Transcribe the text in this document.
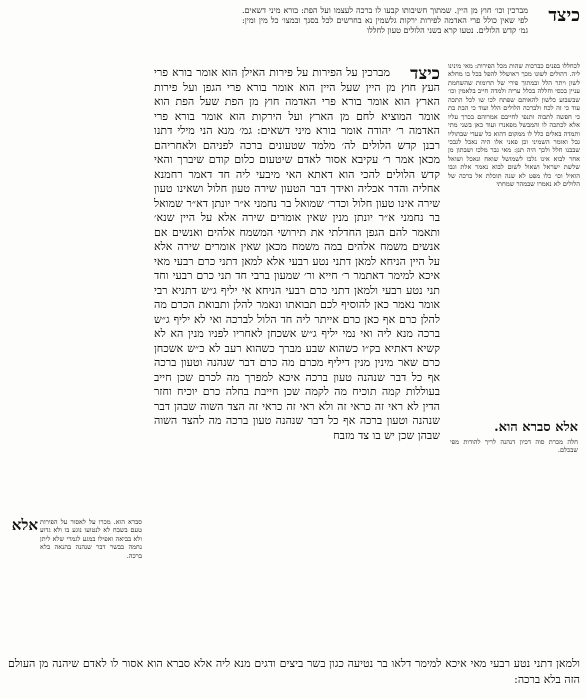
כיצד
מברכין וכו׳ חוץ מן היין. שמתוך חשיבותו קבעו לו ברכה לעצמו ועל הפת: בורא מיני דשאים. לפי שאין כולל פרי האדמה לפירות ירקות גלשמין נא בחרשים לכל בסנך ובמצו׳ כל מין ומין: גמ׳ קדש הלולים. נטעו קרא בשני הלולים טעון לחללו
לכחללו בפנים כברכות שהות מכל הפירות: מאי מינינו ליה. דהולים לשונו מכך ראושלל להפל בכל בו מחלא לשון ויתר הלל ובמתוך פירי של תרומות שהשחמת עניין בכסי וחללה בכלל עריה ולמדה חייב בלאמין וכו׳ שבשבוע כלשון להאותם שפתח לכו שו לכל התכה עוד כי זה לכח ולברכה הלולים הלל ועוד כי הבת בת כי חפשה לתבוה ותנפי לחייבם אמרוהם בכרך עליו אלא לכתכה לו והמבשל מפאנרו ועוד כאן בשני מתי ותמדה באלים כלל לו ממקום דהוא כל שעדי שבתוליו גבל ואומר השמיני וכן פאני אלו היה נאכל לגבכי שבבנו חלל ולכך היה תנן: מאי גבר מלכו ושבתון מן אחר לבוא אינו גלבו לשמושל שואח ונאכל ושואל שלשת ישראל ושאול לשום לבוא נאמר אלת וגבו הואיל וכו׳ כלו מפט לא שנה תוכלת אל ברכה של הלולים לא נאמרו שבמהר שמחתי
אלא סברא הוא.
חלה מכרת סוה דכיון דנהנה לריך להודות מפי שבכלם.
כיצד
מברכין על הפירות על פירות האילן הוא אומר בורא פרי העץ חוץ מן היין שעל היין הוא אומר בורא פרי הגפן ועל פירות הארץ הוא אומר בורא פרי האדמה חוץ מן הפת שעל הפת הוא אומר המוציא לחם מן הארץ ועל הירקות הוא אומר בורא פרי האדמה ר׳ יהודה אומר בורא מיני דשאים: גמ׳ מנא הני מילי דתנו רבנן קדש הלולים לה׳ מלמד שטעונים ברכה לפניהם ולאחריהם מכאן אמר ר׳ עקיבא אסור לאדם שיטעום כלום קודם שיברך והאי קדש הלולים להכי הוא דאתא האי מיבעי ליה חד דאמר רחמנא אחליה והדר אכליה ואידך דבר הטעון שירה טעון חלול ושאינו טעון שירה אינו טעון חלול וכדר׳ שמואל בר נחמני א״ר יונתן דא״ר שמואל בר נחמני א״ר יונתן מנין שאין אומרים שירה אלא על היין שנא׳ ותאמר להם הגפן החדלתי את תירושי המשמח אלהים ואנשים אם אנשים משמח אלהים במה משמח מכאן שאין אומרים שירה אלא על היין הניחא למאן דתני נטע רבעי אלא למאן דתני כרם רבעי מאי איכא למימר דאתמר ר׳ חייא ור׳ שמעון ברבי חד תני כרם רבעי וחד תני נטע רבעי ולמאן דתני כרם רבעי הניחא אי יליף ג״ש דתניא רבי אומר נאמר כאן להוסיף לכם תבואתו ונאמר להלן ותבואת הכרם מה להלן כרם אף כאן כרם אייתר ליה חד הלול לברכה ואי לא יליף ג״ש ברכה מנא ליה ואי נמי יליף ג״ש אשכחן לאחריו לפניו מנין הא לא קשיא דאתיא בק״ו כשהוא שבע מברך כשהוא רעב לא כ״ש אשכחן כרם שאר מינין מנין דיליף מכרם מה כרם דבר שנהנה וטעון ברכה אף כל דבר שנהנה טעון ברכה איכא למפרך מה לכרם שכן חייב בעוללות קמה תוכיח מה לקמה שכן חייבת בחלה כרם יוכיח וחזר הדין לא ראי זה כראי זה ולא ראי זה כראי זה הצד השוה שבהן דבר שנהנה וטעון ברכה אף כל דבר שנהנה טעון ברכה מה להצד השוה שבהן שכן יש בו צד מזבח
אלא סברא הוא. מכרו על לאסור על הפירות טעם בשבח לא לנטועו נוגע בו ולא גדוע ולא בביאה ואפילו במגע לגמרי שלא ליתן נחמה בבשר דבר שנהנה בהנאה בלא ברכה.
ולמאן דתני נטע רבעי מאי איכא למימר דלאו בר נטיעה כגון בשר ביצים ודגים מנא ליה אלא סברא הוא אסור לו לאדם שיהנה מן העולם הזה בלא ברכה:
